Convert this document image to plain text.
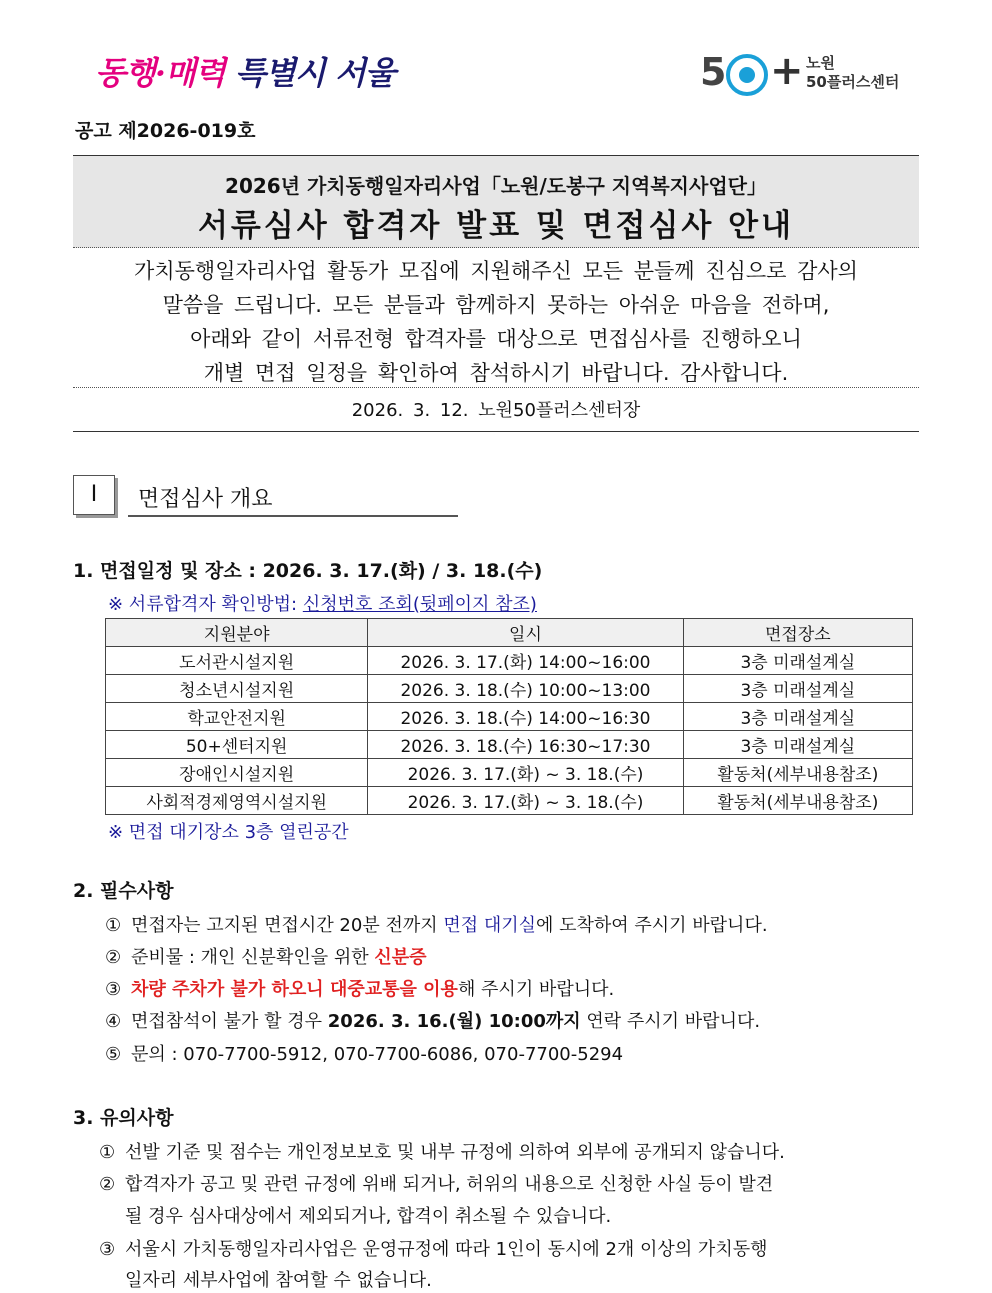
동행·매력 특별시 서울	5 + 노원
50플러스센터
공고 제2026-019호
2026년 가치동행일자리사업「노원/도봉구 지역복지사업단」
서류심사 합격자 발표 및 면접심사 안내
가치동행일자리사업 활동가 모집에 지원해주신 모든 분들께 진심으로 감사의
말씀을 드립니다. 모든 분들과 함께하지 못하는 아쉬운 마음을 전하며,
아래와 같이 서류전형 합격자를 대상으로 면접심사를 진행하오니
개별 면접 일정을 확인하여 참석하시기 바랍니다. 감사합니다.
2026. 3. 12. 노원50플러스센터장
Ⅰ	면접심사 개요
1. 면접일정 및 장소 : 2026. 3. 17.(화) / 3. 18.(수)
※ 서류합격자 확인방법: 신청번호 조회(뒷페이지 참조)
지원분야	일시	면접장소
도서관시설지원	2026. 3. 17.(화) 14:00~16:00	3층 미래설계실
청소년시설지원	2026. 3. 18.(수) 10:00~13:00	3층 미래설계실
학교안전지원	2026. 3. 18.(수) 14:00~16:30	3층 미래설계실
50+센터지원	2026. 3. 18.(수) 16:30~17:30	3층 미래설계실
장애인시설지원	2026. 3. 17.(화) ~ 3. 18.(수)	활동처(세부내용참조)
사회적경제영역시설지원	2026. 3. 17.(화) ~ 3. 18.(수)	활동처(세부내용참조)
※ 면접 대기장소 3층 열린공간
2. 필수사항
① 면접자는 고지된 면접시간 20분 전까지 면접 대기실에 도착하여 주시기 바랍니다.
② 준비물 : 개인 신분확인을 위한 신분증
③ 차량 주차가 불가 하오니 대중교통을 이용해 주시기 바랍니다.
④ 면접참석이 불가 할 경우 2026. 3. 16.(월) 10:00까지 연락 주시기 바랍니다.
⑤ 문의 : 070-7700-5912, 070-7700-6086, 070-7700-5294
3. 유의사항
① 선발 기준 및 점수는 개인정보보호 및 내부 규정에 의하여 외부에 공개되지 않습니다.
② 합격자가 공고 및 관련 규정에 위배 되거나, 허위의 내용으로 신청한 사실 등이 발견
될 경우 심사대상에서 제외되거나, 합격이 취소될 수 있습니다.
③ 서울시 가치동행일자리사업은 운영규정에 따라 1인이 동시에 2개 이상의 가치동행
일자리 세부사업에 참여할 수 없습니다.
